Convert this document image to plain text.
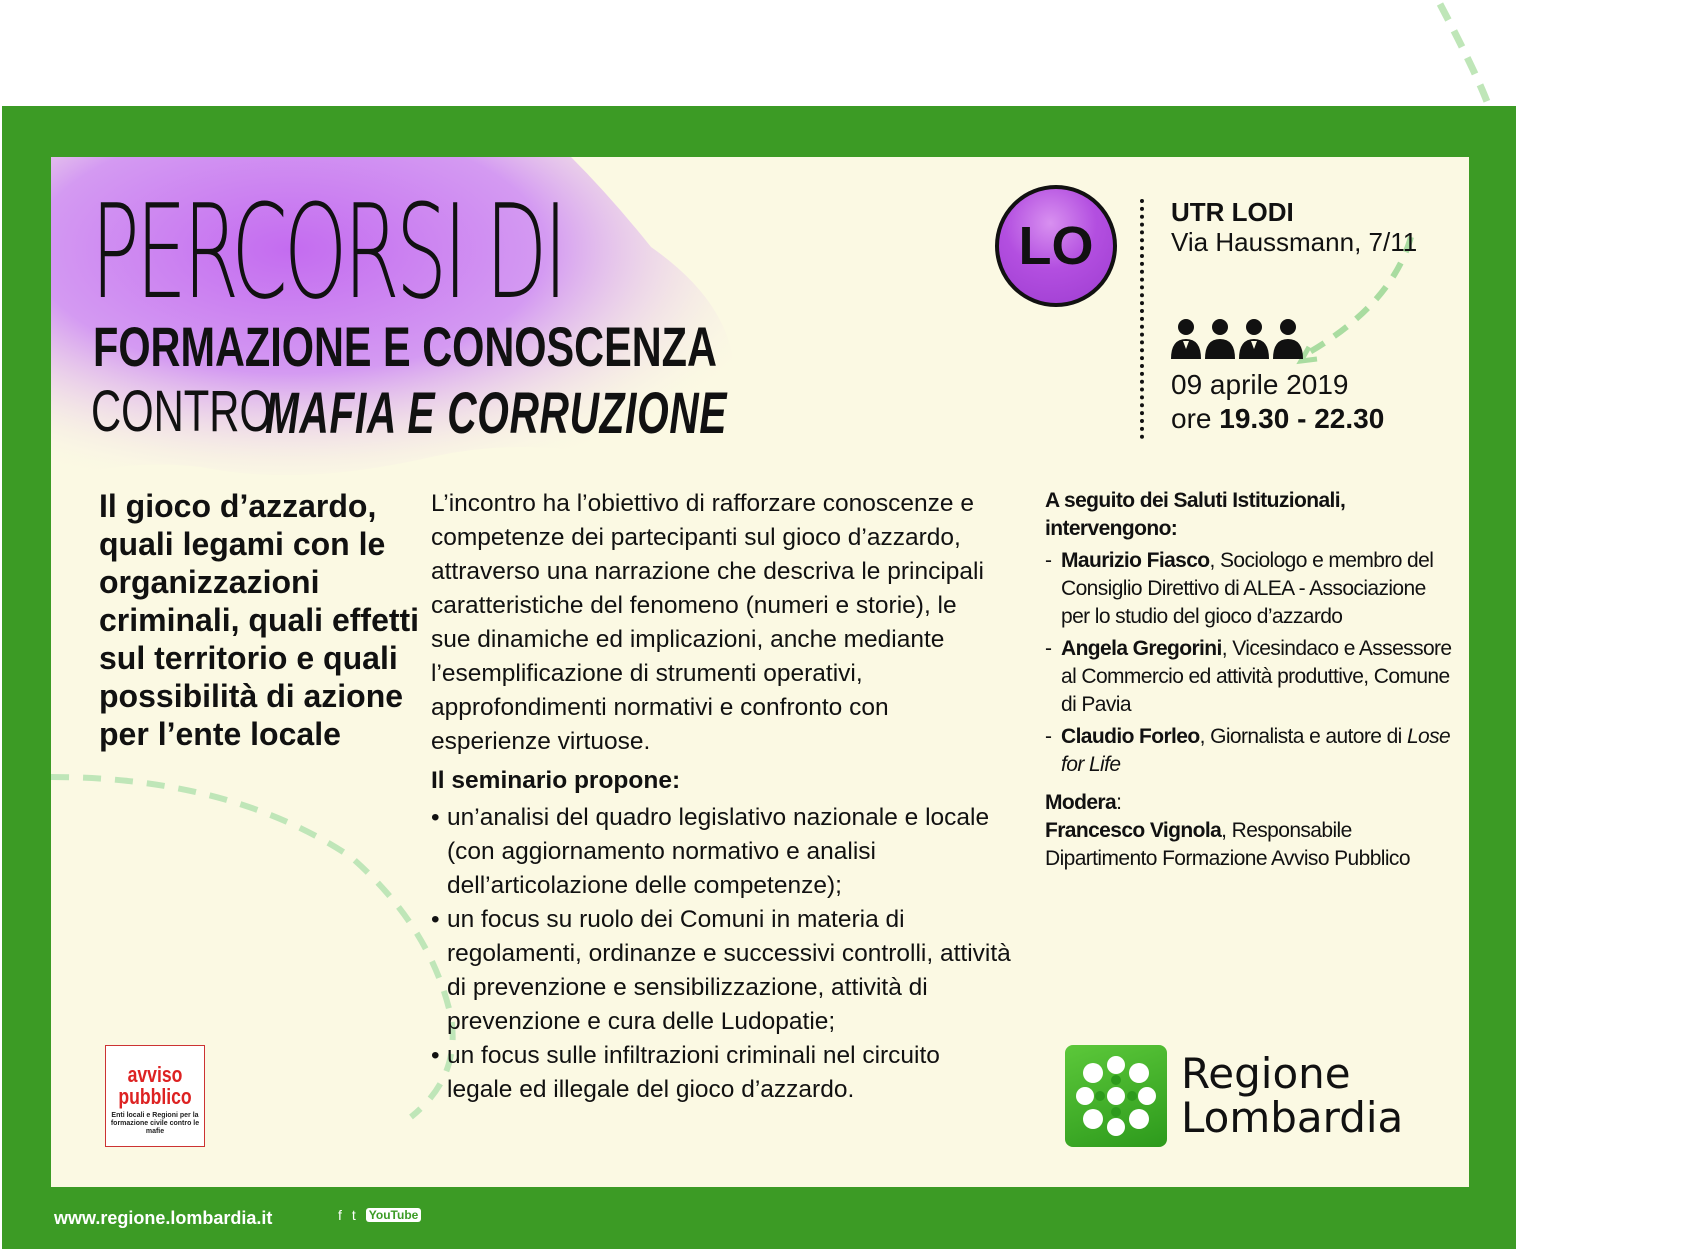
PERCORSI DI
FORMAZIONE E CONOSCENZA
CONTRO
MAFIA E CORRUZIONE
LO
UTR LODI
Via Haussmann, 7/11
09 aprile 2019
ore 19.30 - 22.30
Il gioco d’azzardo, quali legami con le organizzazioni criminali, quali effetti sul territorio e quali possibilità di azione per l’ente locale

L’incontro ha l’obiettivo di rafforzare conoscenze e competenze dei partecipanti sul gioco d’azzardo, attraverso una narrazione che descriva le principali caratteristiche del fenomeno (numeri e storie), le sue dinamiche ed implicazioni, anche mediante l’esemplificazione di strumenti operativi, approfondimenti normativi e confronto con esperienze virtuose.

Il seminario propone:
• un’analisi del quadro legislativo nazionale e locale (con aggiornamento normativo e analisi dell’articolazione delle competenze);
• un focus su ruolo dei Comuni in materia di regolamenti, ordinanze e successivi controlli, attività di prevenzione e sensibilizzazione, attività di prevenzione e cura delle Ludopatie;
• un focus sulle infiltrazioni criminali nel circuito legale ed illegale del gioco d’azzardo.
A seguito dei Saluti Istituzionali, intervengono:
- Maurizio Fiasco, Sociologo e membro del Consiglio Direttivo di ALEA - Associazione per lo studio del gioco d’azzardo
- Angela Gregorini, Vicesindaco e Assessore al Commercio ed attività produttive, Comune di Pavia
- Claudio Forleo, Giornalista e autore di Lose for Life
Modera:
Francesco Vignola, Responsabile Dipartimento Formazione Avviso Pubblico
avviso
pubblico
Enti locali e Regioni per la formazione civile contro le mafie
Regione
Lombardia
www.regione.lombardia.it	f t YouTube
